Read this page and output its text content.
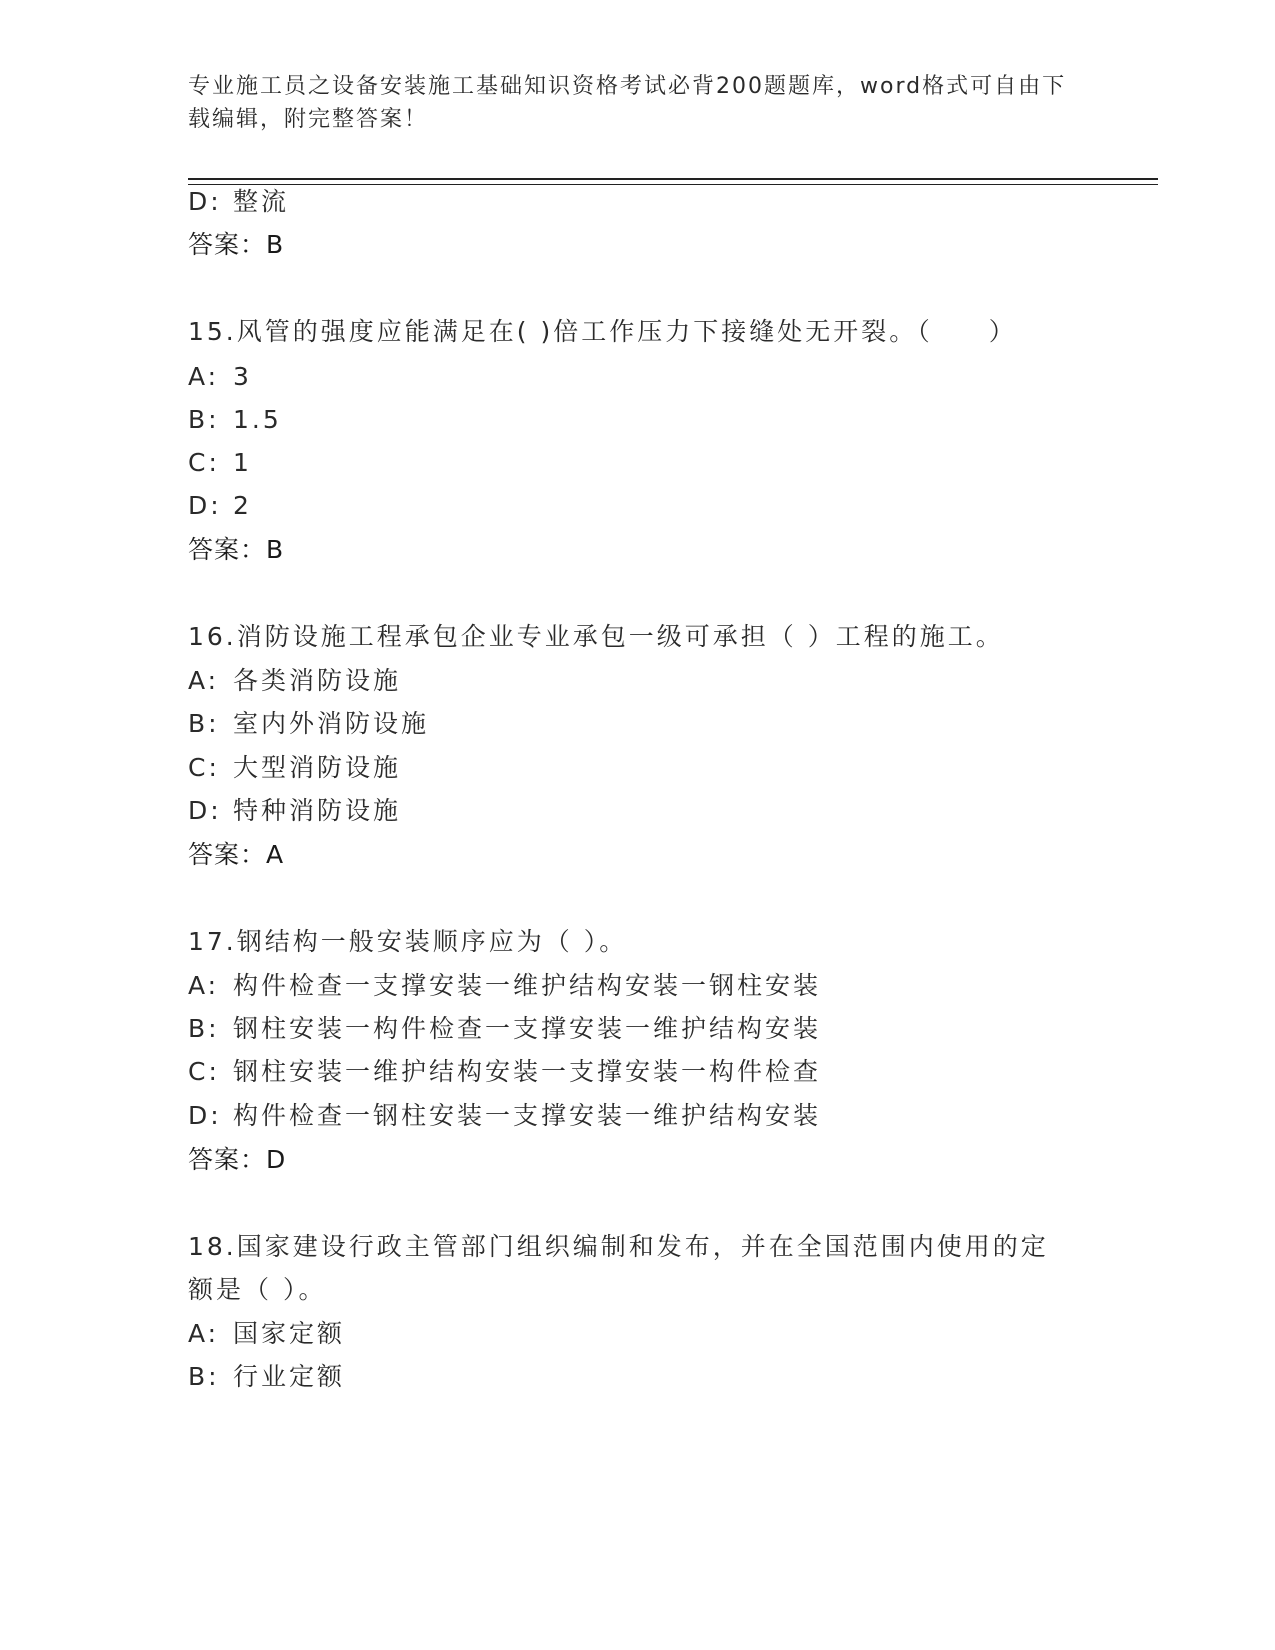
专业施工员之设备安装施工基础知识资格考试必背200题题库，word格式可自由下载编辑，附完整答案！
D: 整流
答案：B
15.风管的强度应能满足在( )倍工作压力下接缝处无开裂。（　　）
A: 3
B: 1.5
C: 1
D: 2
答案：B
16.消防设施工程承包企业专业承包一级可承担（ ）工程的施工。
A: 各类消防设施
B: 室内外消防设施
C: 大型消防设施
D: 特种消防设施
答案：A
17.钢结构一般安装顺序应为（ ）。
A: 构件检查一支撑安装一维护结构安装一钢柱安装
B: 钢柱安装一构件检查一支撑安装一维护结构安装
C: 钢柱安装一维护结构安装一支撑安装一构件检查
D: 构件检查一钢柱安装一支撑安装一维护结构安装
答案：D
18.国家建设行政主管部门组织编制和发布，并在全国范围内使用的定
额是（ ）。
A: 国家定额
B: 行业定额
